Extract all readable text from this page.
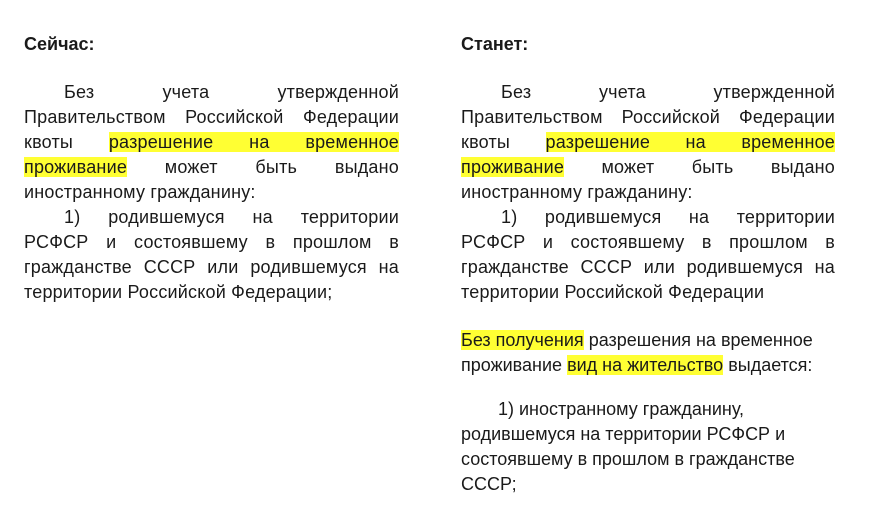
Сейчас:
Без учета утвержденной
Правительством Российской Федерации
квоты разрешение на временное
проживание может быть выдано
иностранному гражданину:
1) родившемуся на территории
РСФСР и состоявшему в прошлом в
гражданстве СССР или родившемуся на
территории Российской Федерации;
Станет:
Без учета утвержденной
Правительством Российской Федерации
квоты разрешение на временное
проживание может быть выдано
иностранному гражданину:
1) родившемуся на территории
РСФСР и состоявшему в прошлом в
гражданстве СССР или родившемуся на
территории Российской Федерации
Без получения разрешения на временное
проживание вид на жительство выдается:
1) иностранному гражданину,
родившемуся на территории РСФСР и
состоявшему в прошлом в гражданстве
СССР;
